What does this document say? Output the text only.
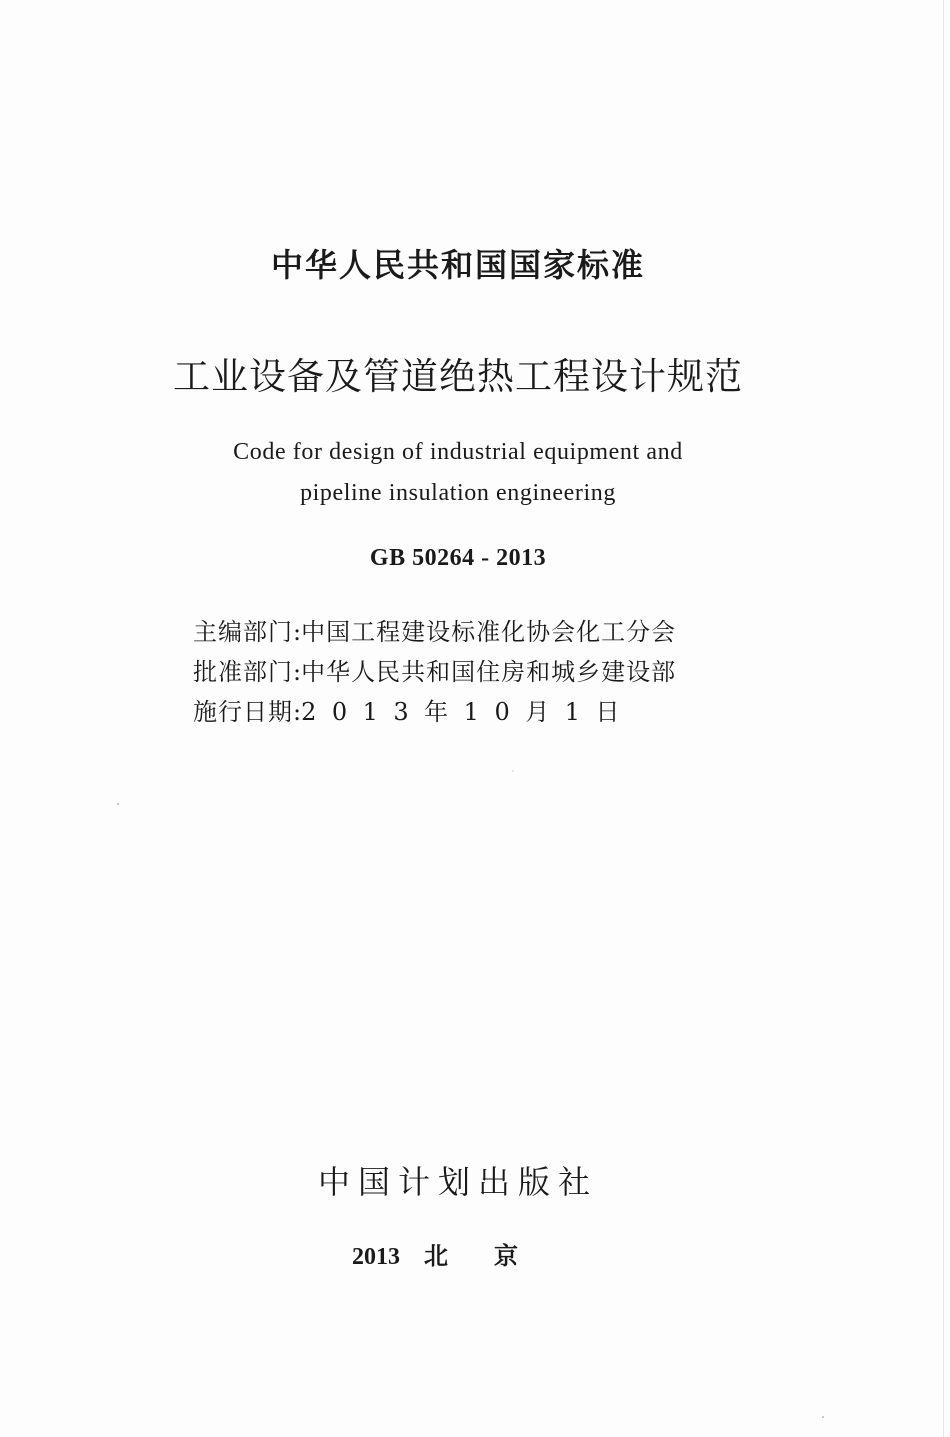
中华人民共和国国家标准
工业设备及管道绝热工程设计规范
Code for design of industrial equipment and
pipeline insulation engineering
GB 50264 - 2013
主编部门 : 中国工程建设标准化协会化工分会
批准部门 : 中华人民共和国住房和城乡建设部
施行日期 : 2013年10月1日
中国计划出版社
2013 北京
